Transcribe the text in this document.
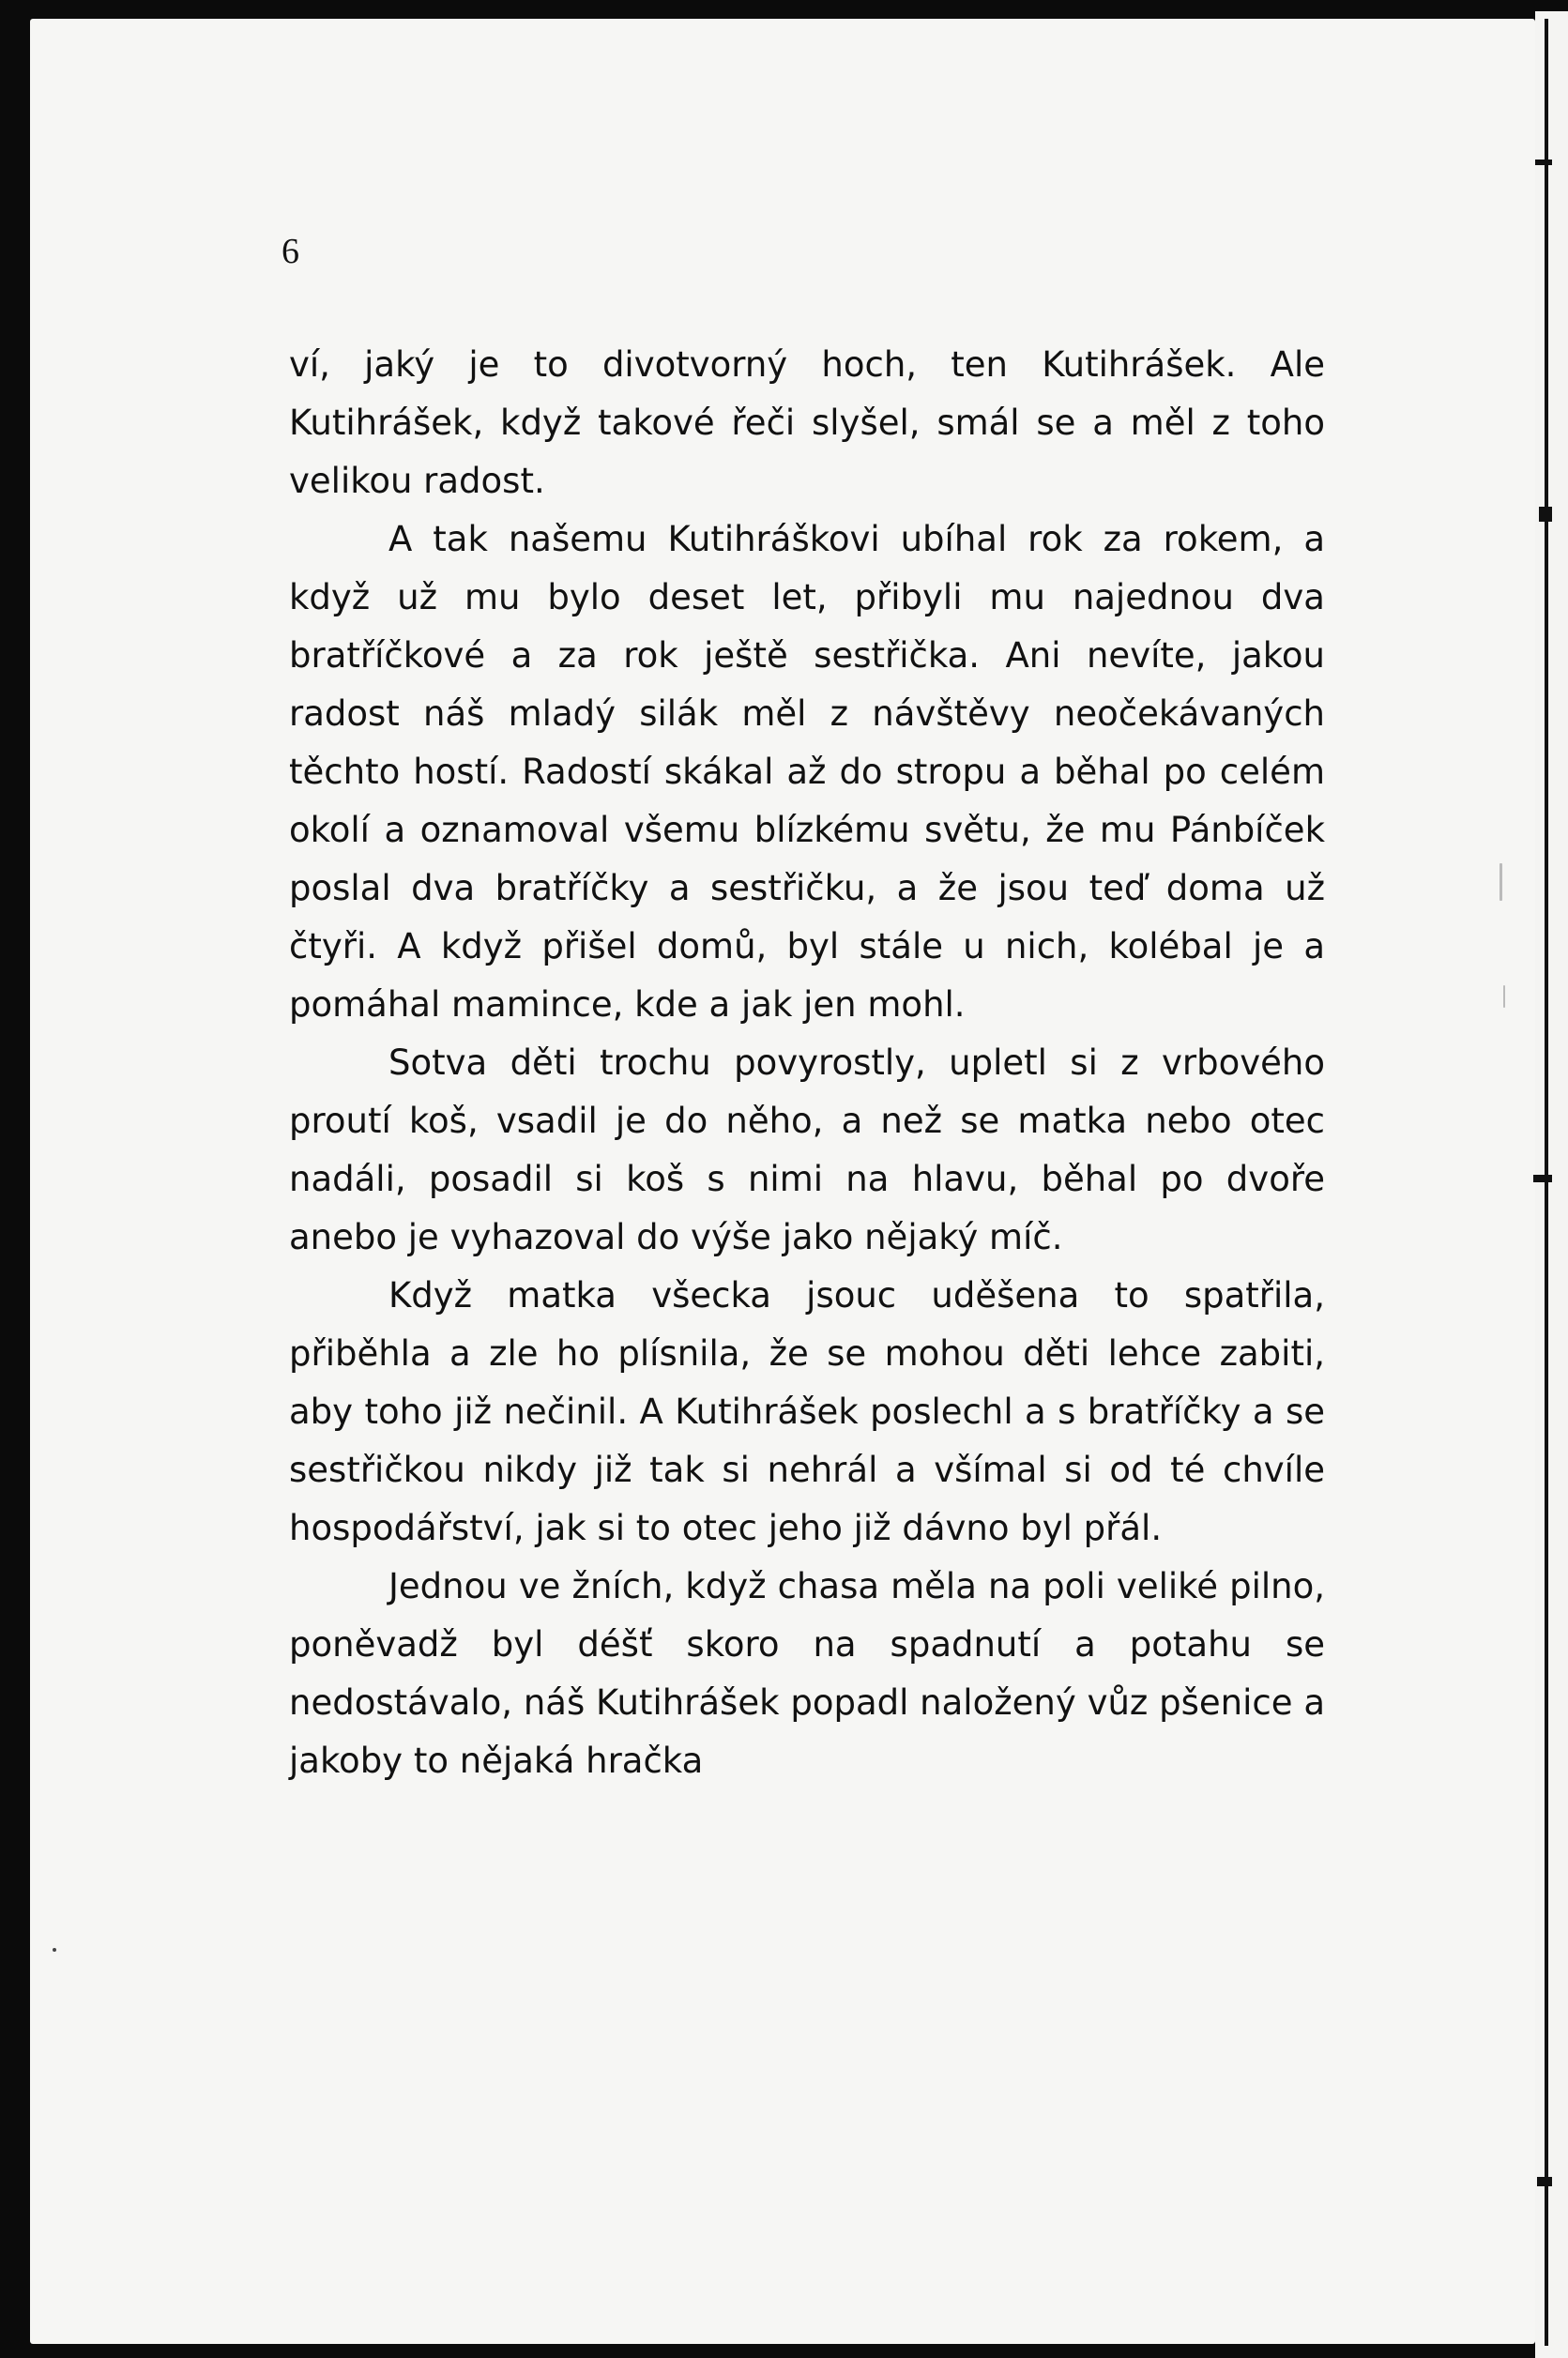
6

ví, jaký je to divotvorný hoch, ten Kutihrášek. Ale Kutihrášek, když takové řeči slyšel, smál se a měl z toho velikou radost.

A tak našemu Kutihráškovi ubíhal rok za rokem, a když už mu bylo deset let, přibyli mu najednou dva bratříčkové a za rok ještě sestřička. Ani nevíte, jakou radost náš mladý silák měl z návštěvy neočekávaných těchto hostí. Radostí skákal až do stropu a běhal po celém okolí a oznamoval všemu blízkému světu, že mu Pánbíček poslal dva bratříčky a sestřičku, a že jsou teď doma už čtyři. A když přišel domů, byl stále u nich, kolébal je a pomáhal mamince, kde a jak jen mohl.

Sotva děti trochu povyrostly, upletl si z vrbového proutí koš, vsadil je do něho, a než se matka nebo otec nadáli, posadil si koš s nimi na hlavu, běhal po dvoře anebo je vyhazoval do výše jako nějaký míč.

Když matka všecka jsouc uděšena to spatřila, přiběhla a zle ho plísnila, že se mohou děti lehce zabiti, aby toho již nečinil. A Kutihrášek poslechl a s bratříčky a se sestřičkou nikdy již tak si nehrál a všímal si od té chvíle hospodářství, jak si to otec jeho již dávno byl přál.

Jednou ve žních, když chasa měla na poli veliké pilno, poněvadž byl déšť skoro na spadnutí a potahu se nedostávalo, náš Kutihrášek popadl naložený vůz pšenice a jakoby to nějaká hračka
